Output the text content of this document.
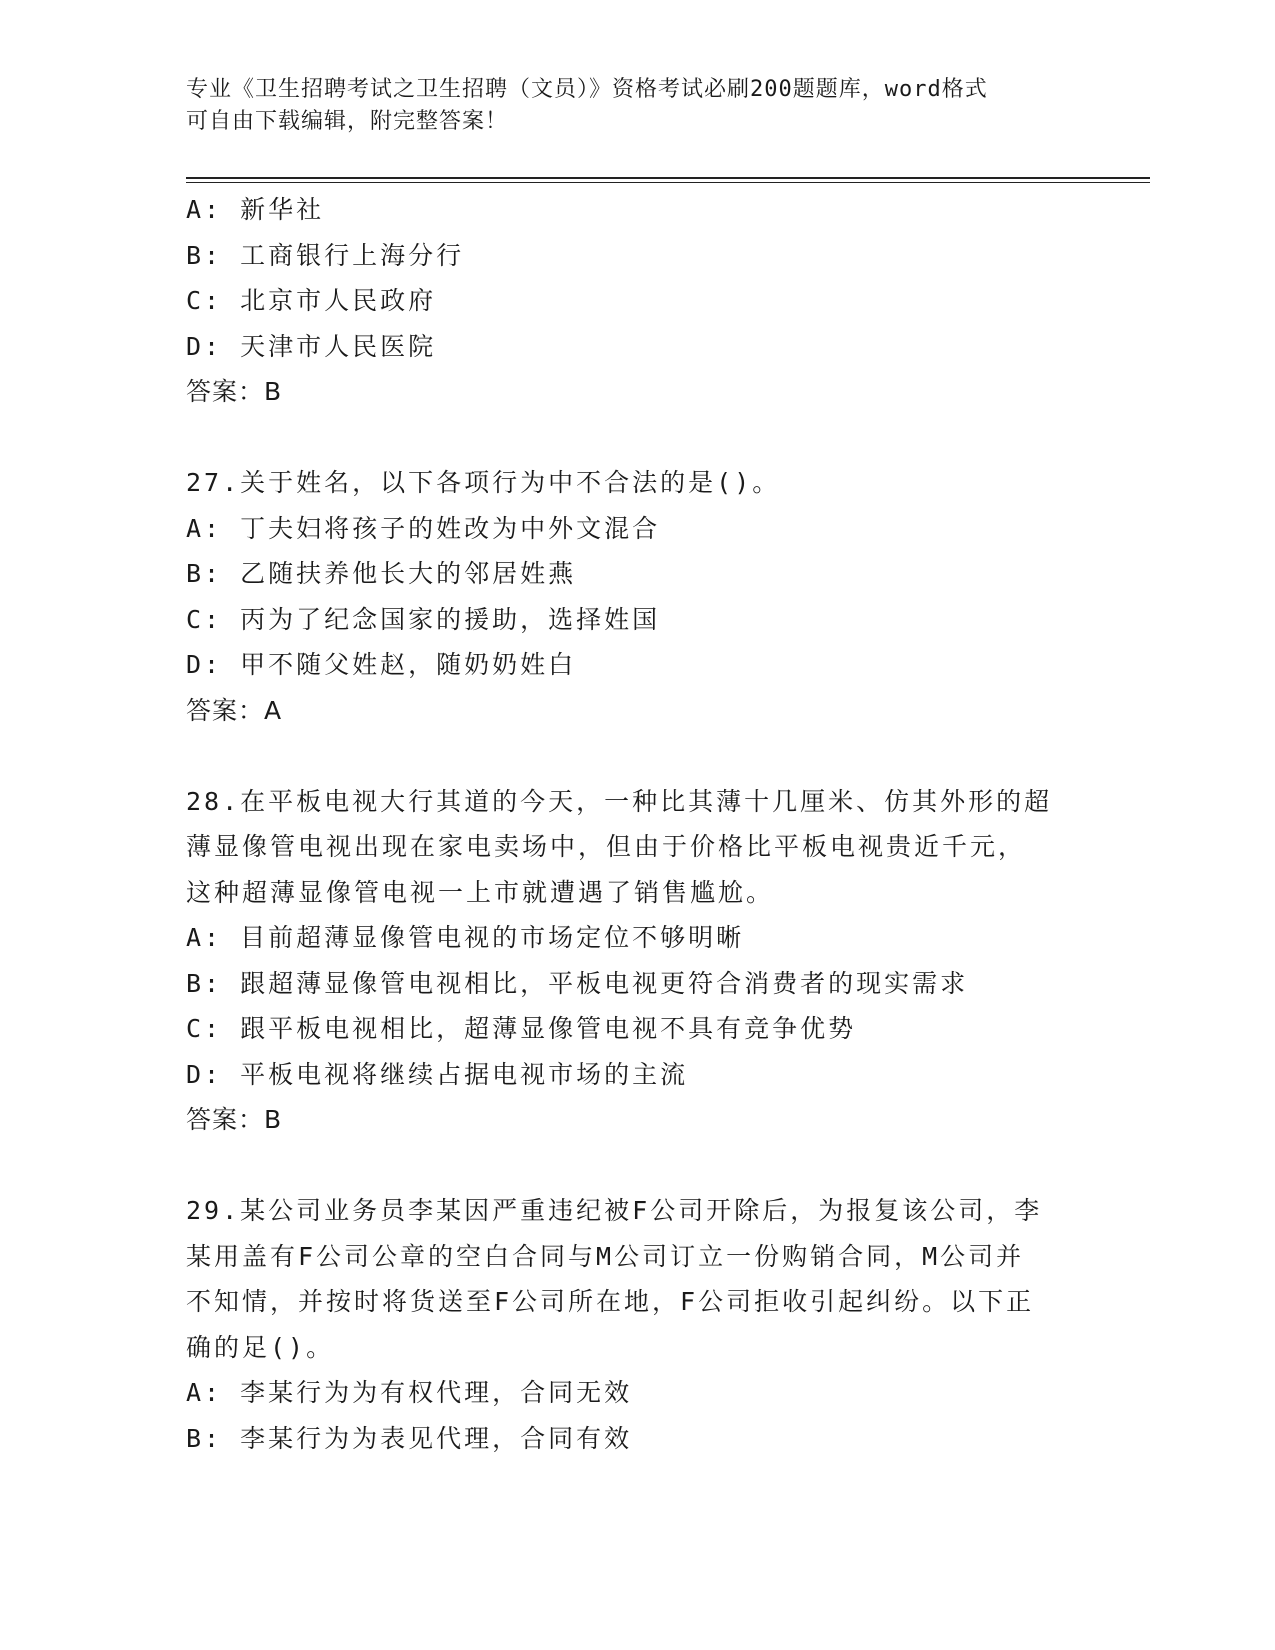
专业《卫生招聘考试之卫生招聘（文员）》资格考试必刷200题题库，word格式
可自由下载编辑，附完整答案！
A: 新华社
B: 工商银行上海分行
C: 北京市人民政府
D: 天津市人民医院
答案：B
27.关于姓名，以下各项行为中不合法的是()。
A: 丁夫妇将孩子的姓改为中外文混合
B: 乙随扶养他长大的邻居姓燕
C: 丙为了纪念国家的援助，选择姓国
D: 甲不随父姓赵，随奶奶姓白
答案：A
28.在平板电视大行其道的今天，一种比其薄十几厘米、仿其外形的超
薄显像管电视出现在家电卖场中，但由于价格比平板电视贵近千元，
这种超薄显像管电视一上市就遭遇了销售尴尬。
A: 目前超薄显像管电视的市场定位不够明晰
B: 跟超薄显像管电视相比，平板电视更符合消费者的现实需求
C: 跟平板电视相比，超薄显像管电视不具有竞争优势
D: 平板电视将继续占据电视市场的主流
答案：B
29.某公司业务员李某因严重违纪被F公司开除后，为报复该公司，李
某用盖有F公司公章的空白合同与M公司订立一份购销合同，M公司并
不知情，并按时将货送至F公司所在地，F公司拒收引起纠纷。以下正
确的足()。
A: 李某行为为有权代理，合同无效
B: 李某行为为表见代理，合同有效
